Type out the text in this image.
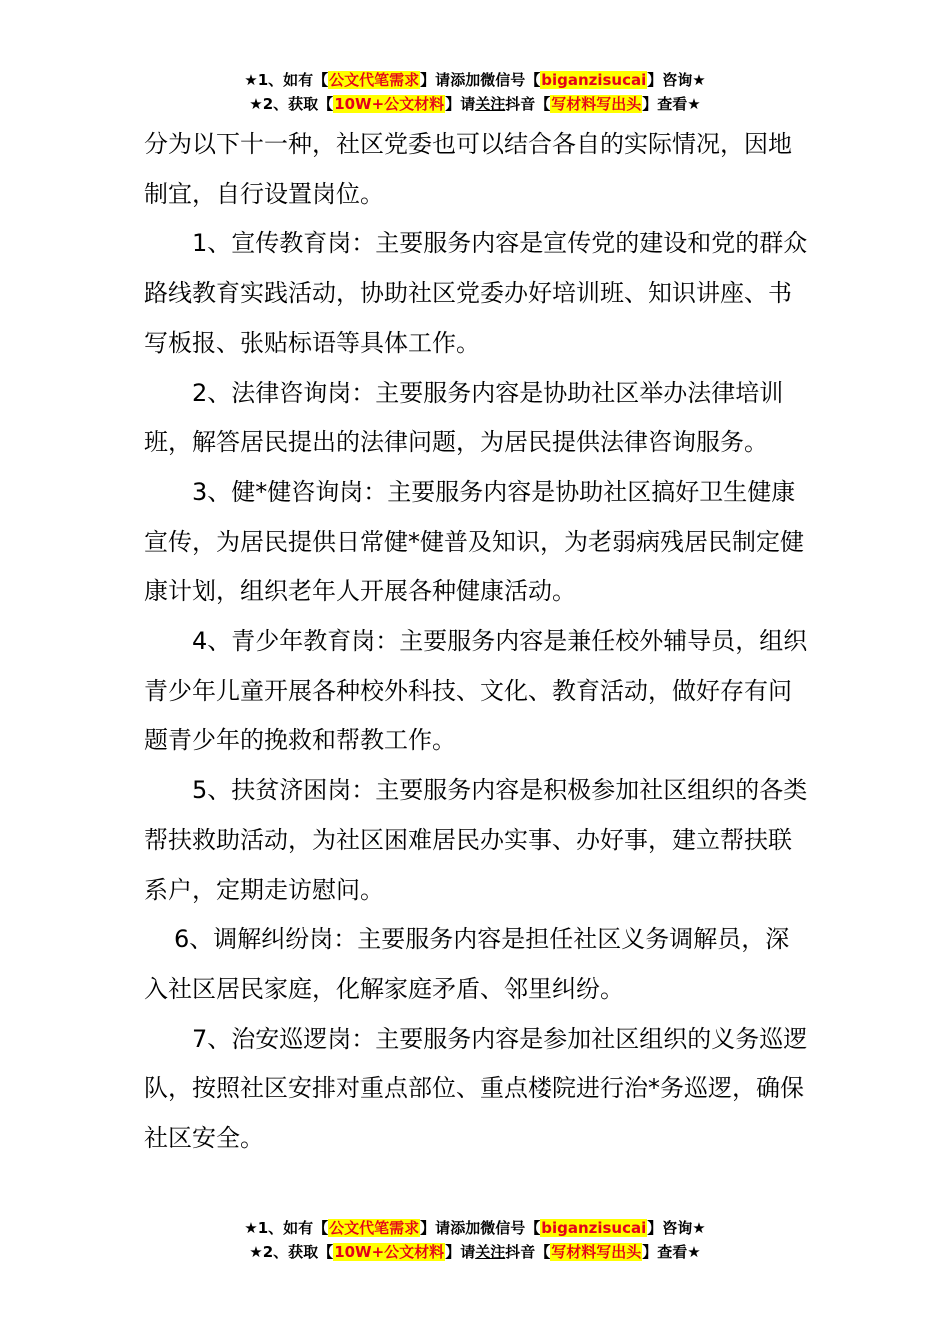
★1、如有【公文代笔需求】请添加微信号【biganzisucai】咨询★
★2、获取【10W+公文材料】请关注抖音【写材料写出头】查看★

分为以下十一种，社区党委也可以结合各自的实际情况，因地制宜，自行设置岗位。

1、宣传教育岗：主要服务内容是宣传党的建设和党的群众路线教育实践活动，协助社区党委办好培训班、知识讲座、书写板报、张贴标语等具体工作。

2、法律咨询岗：主要服务内容是协助社区举办法律培训班，解答居民提出的法律问题，为居民提供法律咨询服务。

3、健*健咨询岗：主要服务内容是协助社区搞好卫生健康宣传，为居民提供日常健*健普及知识，为老弱病残居民制定健康计划，组织老年人开展各种健康活动。

4、青少年教育岗：主要服务内容是兼任校外辅导员，组织青少年儿童开展各种校外科技、文化、教育活动，做好存有问题青少年的挽救和帮教工作。

5、扶贫济困岗：主要服务内容是积极参加社区组织的各类帮扶救助活动，为社区困难居民办实事、办好事，建立帮扶联系户，定期走访慰问。

6、调解纠纷岗：主要服务内容是担任社区义务调解员，深入社区居民家庭，化解家庭矛盾、邻里纠纷。

7、治安巡逻岗：主要服务内容是参加社区组织的义务巡逻队，按照社区安排对重点部位、重点楼院进行治*务巡逻，确保社区安全。

★1、如有【公文代笔需求】请添加微信号【biganzisucai】咨询★
★2、获取【10W+公文材料】请关注抖音【写材料写出头】查看★
